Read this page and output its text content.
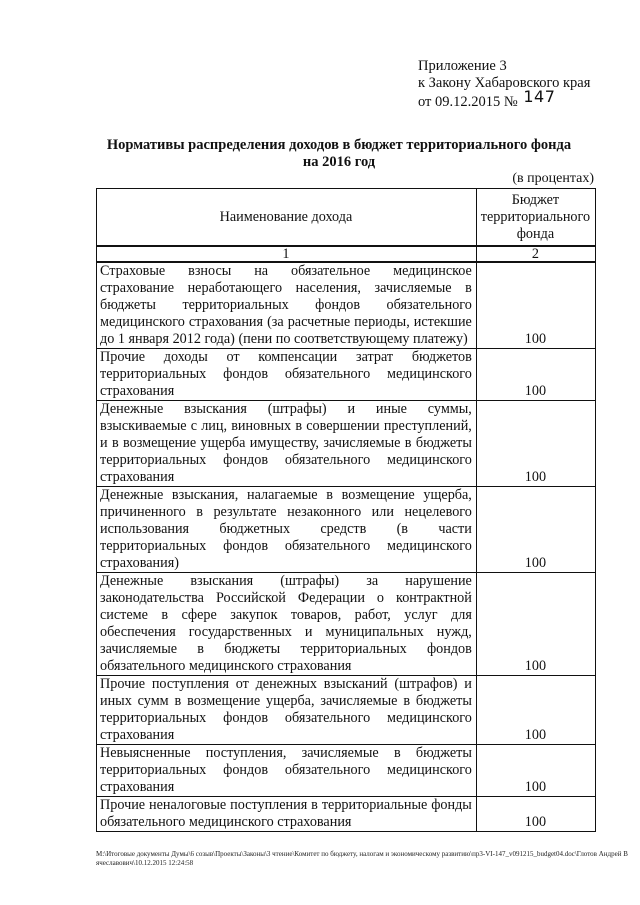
Приложение 3
к Закону Хабаровского края
от 09.12.2015 № 147
Нормативы распределения доходов в бюджет территориального фонда
на 2016 год
(в процентах)
Наименование дохода	Бюджет территориального фонда
1	2
Страховые взносы на обязательное медицинское страхование неработающего населения, зачисляемые в бюджеты территориальных фондов обязательного медицинского страхования (за расчетные периоды, истекшие до 1 января 2012 года) (пени по соответствующему платежу)	100
Прочие доходы от компенсации затрат бюджетов территориальных фондов обязательного медицинского страхования	100
Денежные взыскания (штрафы) и иные суммы, взыскиваемые с лиц, виновных в совершении преступлений, и в возмещение ущерба имуществу, зачисляемые в бюджеты территориальных фондов обязательного медицинского страхования	100
Денежные взыскания, налагаемые в возмещение ущерба, причиненного в результате незаконного или нецелевого использования бюджетных средств (в части территориальных фондов обязательного медицинского страхования)	100
Денежные взыскания (штрафы) за нарушение законодательства Российской Федерации о контрактной системе в сфере закупок товаров, работ, услуг для обеспечения государственных и муниципальных нужд, зачисляемые в бюджеты территориальных фондов обязательного медицинского страхования	100
Прочие поступления от денежных взысканий (штрафов) и иных сумм в возмещение ущерба, зачисляемые в бюджеты территориальных фондов обязательного медицинского страхования	100
Невыясненные поступления, зачисляемые в бюджеты территориальных фондов обязательного медицинского страхования	100
Прочие неналоговые поступления в территориальные фонды обязательного медицинского страхования	100
M:\Итоговые документы Думы\6 созыв\Проекты\Законы\3 чтение\Комитет по бюджету, налогам и экономическому развитию\пр3-VI-147_v091215_budget04.doc\Глотов Андрей Вячеславович\10.12.2015 12:24:58
